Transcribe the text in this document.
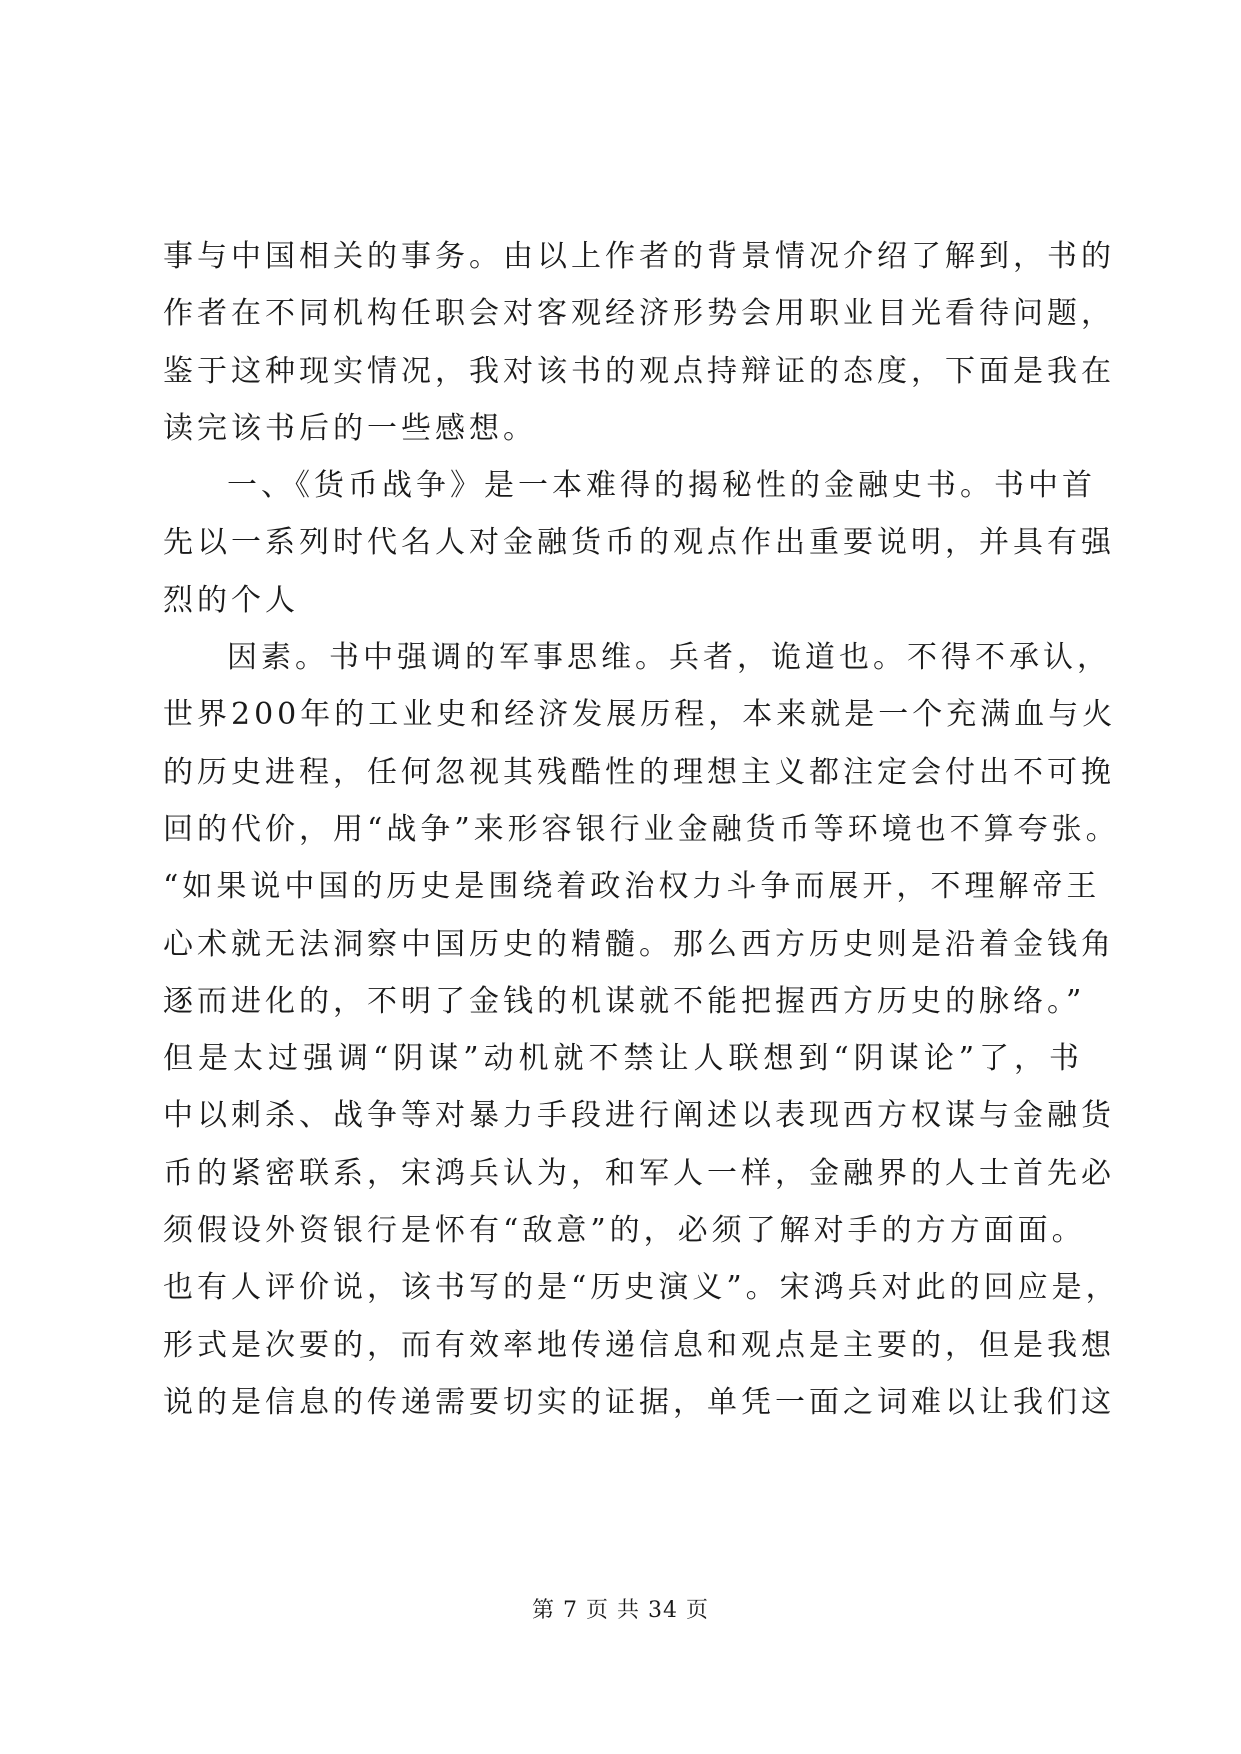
事与中国相关的事务。由以上作者的背景情况介绍了解到，书的
作者在不同机构任职会对客观经济形势会用职业目光看待问题，
鉴于这种现实情况，我对该书的观点持辩证的态度，下面是我在
读完该书后的一些感想。
一、《货币战争》是一本难得的揭秘性的金融史书。书中首
先以一系列时代名人对金融货币的观点作出重要说明，并具有强
烈的个人
因素。书中强调的军事思维。兵者，诡道也。不得不承认，
世界200年的工业史和经济发展历程，本来就是一个充满血与火
的历史进程，任何忽视其残酷性的理想主义都注定会付出不可挽
回的代价，用“战争”来形容银行业金融货币等环境也不算夸张。
“如果说中国的历史是围绕着政治权力斗争而展开，不理解帝王
心术就无法洞察中国历史的精髓。那么西方历史则是沿着金钱角
逐而进化的，不明了金钱的机谋就不能把握西方历史的脉络。”
但是太过强调“阴谋”动机就不禁让人联想到“阴谋论”了，书
中以刺杀、战争等对暴力手段进行阐述以表现西方权谋与金融货
币的紧密联系，宋鸿兵认为，和军人一样，金融界的人士首先必
须假设外资银行是怀有“敌意”的，必须了解对手的方方面面。
也有人评价说，该书写的是“历史演义”。宋鸿兵对此的回应是，
形式是次要的，而有效率地传递信息和观点是主要的，但是我想
说的是信息的传递需要切实的证据，单凭一面之词难以让我们这
第 7 页 共 34 页
